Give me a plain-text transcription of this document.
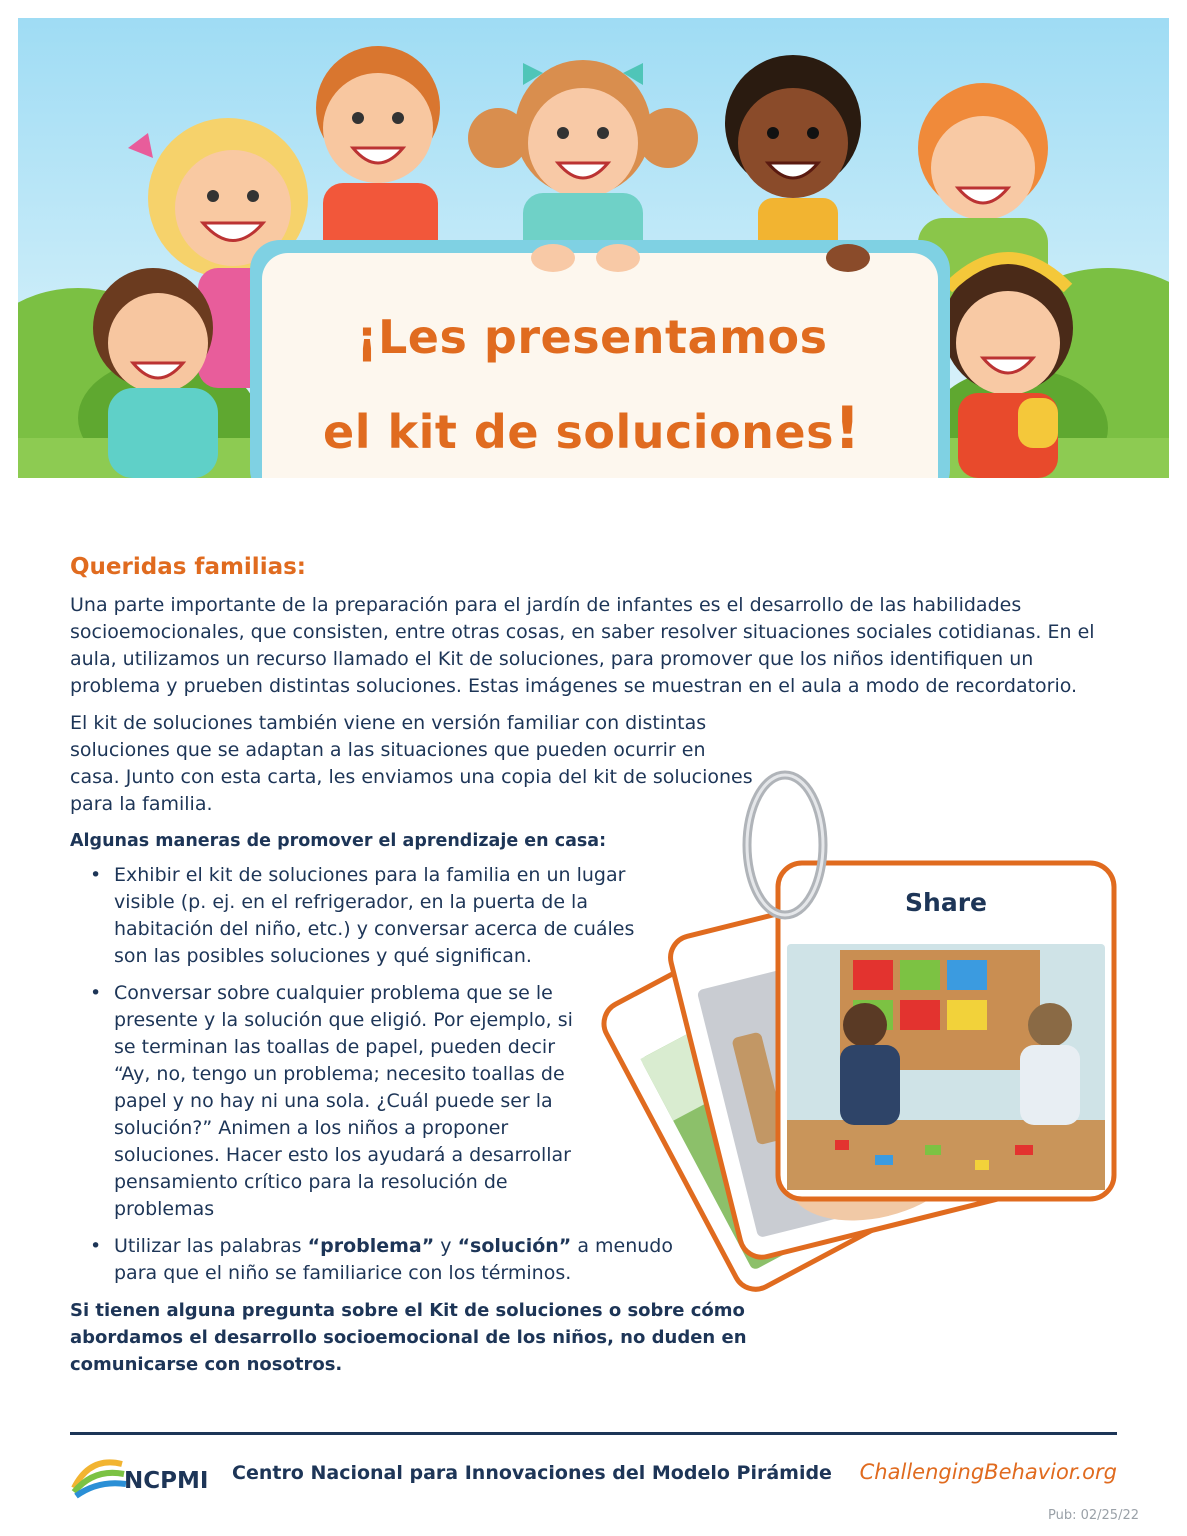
¡Les presentamos
el kit de soluciones!
Queridas familias:

Una parte importante de la preparación para el jardín de infantes es el desarrollo de las habilidades socioemocionales, que consisten, entre otras cosas, en saber resolver situaciones sociales cotidianas. En el aula, utilizamos un recurso llamado el Kit de soluciones, para promover que los niños identifiquen un problema y prueben distintas soluciones. Estas imágenes se muestran en el aula a modo de recordatorio.

El kit de soluciones también viene en versión familiar con distintas soluciones que se adaptan a las situaciones que pueden ocurrir en casa. Junto con esta carta, les enviamos una copia del kit de soluciones para la familia.

Algunas maneras de promover el aprendizaje en casa:
• Exhibir el kit de soluciones para la familia en un lugar visible (p. ej. en el refrigerador, en la puerta de la habitación del niño, etc.) y conversar acerca de cuáles son las posibles soluciones y qué significan.
• Conversar sobre cualquier problema que se le presente y la solución que eligió. Por ejemplo, si se terminan las toallas de papel, pueden decir “Ay, no, tengo un problema; necesito toallas de papel y no hay ni una sola. ¿Cuál puede ser la solución?” Animen a los niños a proponer soluciones. Hacer esto los ayudará a desarrollar pensamiento crítico para la resolución de problemas
• Utilizar las palabras “problema” y “solución” a menudo para que el niño se familiarice con los términos.
Si tienen alguna pregunta sobre el Kit de soluciones o sobre cómo abordamos el desarrollo socioemocional de los niños, no duden en comunicarse con nosotros.
Share
NCPMI Centro Nacional para Innovaciones del Modelo Pirámide ChallengingBehavior.org
Pub: 02/25/22
